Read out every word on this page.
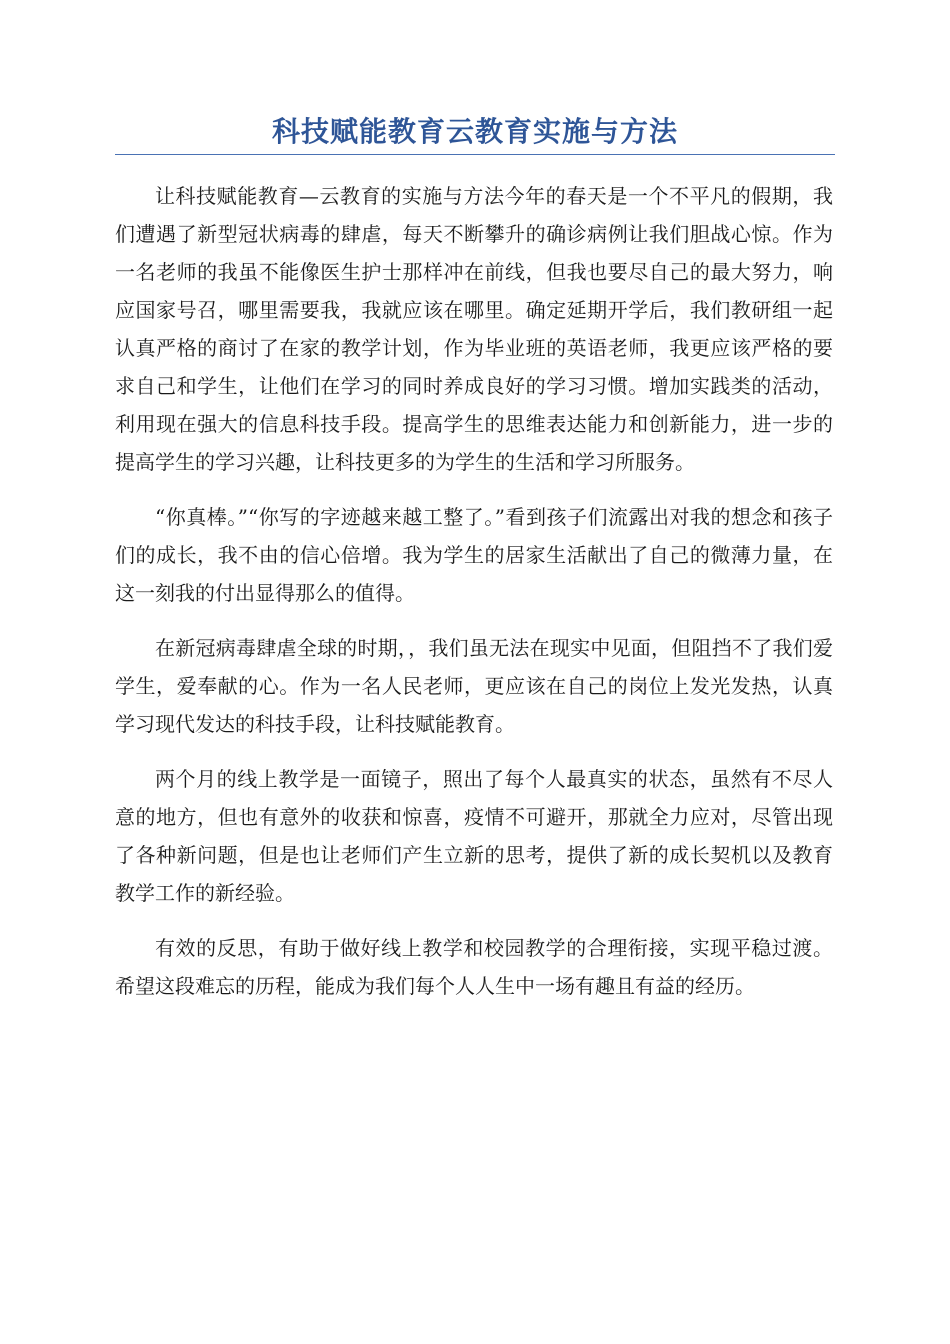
科技赋能教育云教育实施与方法

让科技赋能教育—云教育的实施与方法今年的春天是一个不平凡的假期，我们遭遇了新型冠状病毒的肆虐，每天不断攀升的确诊病例让我们胆战心惊。作为一名老师的我虽不能像医生护士那样冲在前线，但我也要尽自己的最大努力，响应国家号召，哪里需要我，我就应该在哪里。确定延期开学后，我们教研组一起认真严格的商讨了在家的教学计划，作为毕业班的英语老师，我更应该严格的要求自己和学生，让他们在学习的同时养成良好的学习习惯。增加实践类的活动，利用现在强大的信息科技手段。提高学生的思维表达能力和创新能力，进一步的提高学生的学习兴趣，让科技更多的为学生的生活和学习所服务。

“你真棒。”“你写的字迹越来越工整了。”看到孩子们流露出对我的想念和孩子们的成长，我不由的信心倍增。我为学生的居家生活献出了自己的微薄力量，在这一刻我的付出显得那么的值得。

在新冠病毒肆虐全球的时期，，我们虽无法在现实中见面，但阻挡不了我们爱学生，爱奉献的心。作为一名人民老师，更应该在自己的岗位上发光发热，认真学习现代发达的科技手段，让科技赋能教育。

两个月的线上教学是一面镜子，照出了每个人最真实的状态，虽然有不尽人意的地方，但也有意外的收获和惊喜，疫情不可避开，那就全力应对，尽管出现了各种新问题，但是也让老师们产生立新的思考，提供了新的成长契机以及教育教学工作的新经验。

有效的反思，有助于做好线上教学和校园教学的合理衔接，实现平稳过渡。希望这段难忘的历程，能成为我们每个人人生中一场有趣且有益的经历。
